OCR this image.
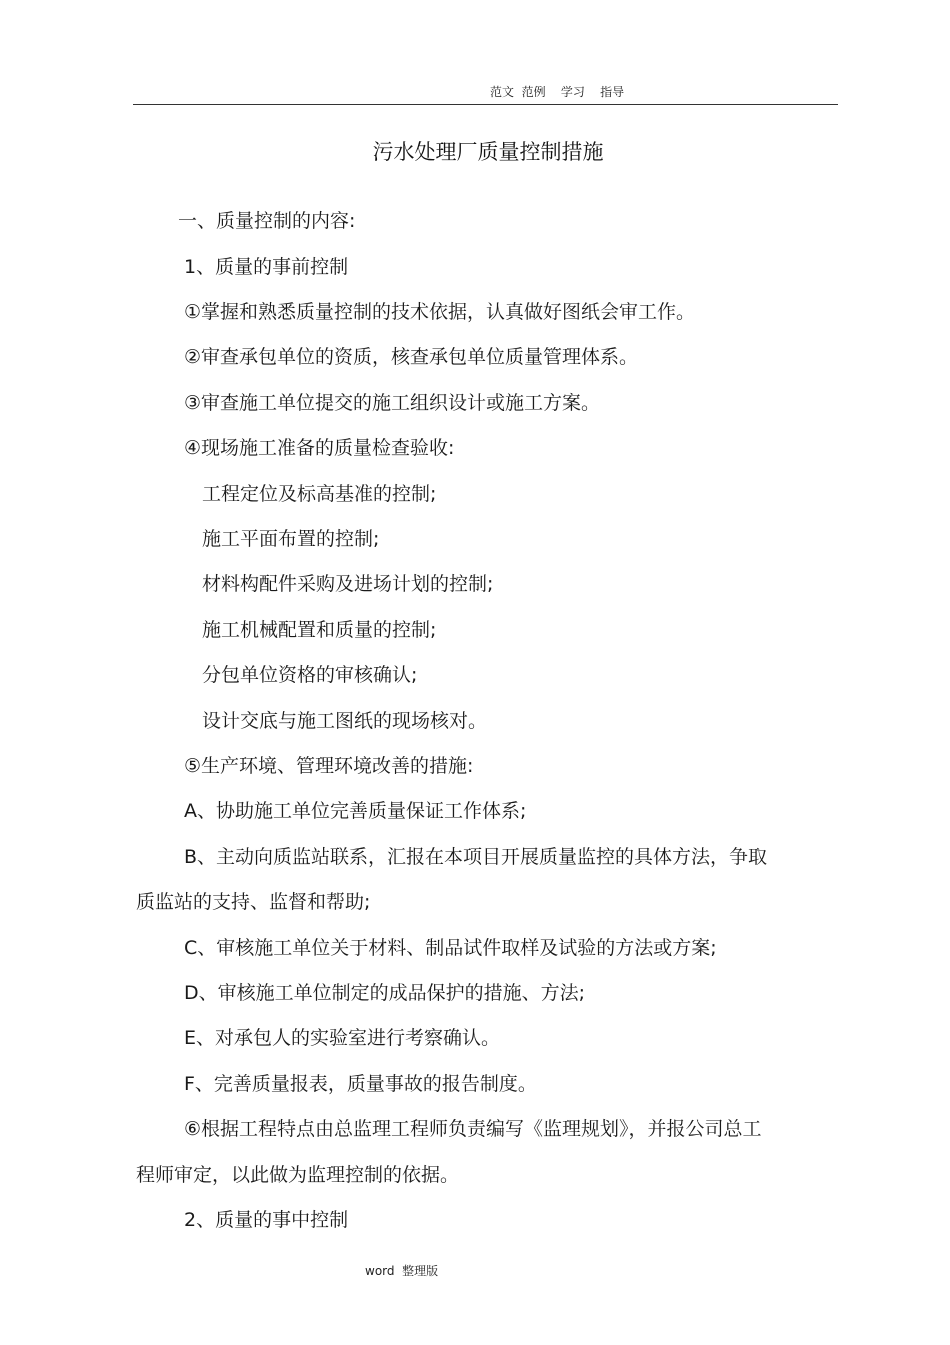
范文  范例    学习    指导
污水处理厂质量控制措施
一、质量控制的内容:
1、质量的事前控制
①掌握和熟悉质量控制的技术依据，认真做好图纸会审工作。
②审查承包单位的资质，核查承包单位质量管理体系。
③审查施工单位提交的施工组织设计或施工方案。
④现场施工准备的质量检查验收:
工程定位及标高基准的控制;
施工平面布置的控制;
材料构配件采购及进场计划的控制;
施工机械配置和质量的控制;
分包单位资格的审核确认;
设计交底与施工图纸的现场核对。
⑤生产环境、管理环境改善的措施:
A、协助施工单位完善质量保证工作体系;
B、主动向质监站联系，汇报在本项目开展质量监控的具体方法，争取
质监站的支持、监督和帮助;
C、审核施工单位关于材料、制品试件取样及试验的方法或方案;
D、审核施工单位制定的成品保护的措施、方法;
E、对承包人的实验室进行考察确认。
F、完善质量报表，质量事故的报告制度。
⑥根据工程特点由总监理工程师负责编写《监理规划》，并报公司总工
程师审定，以此做为监理控制的依据。
2、质量的事中控制
word  整理版
